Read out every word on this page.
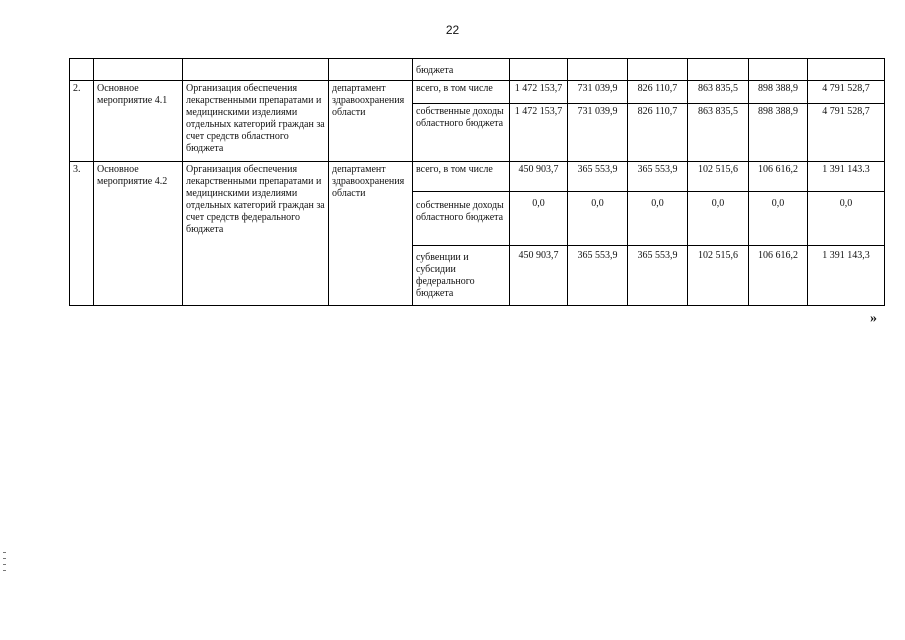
22
				бюджета						
2.	Основное мероприятие 4.1	Организация обеспечения лекарственными препаратами и медицинскими изделиями отдельных категорий граждан за счет средств областного бюджета	департамент здравоохранения области	всего, в том числе	1 472 153,7	731 039,9	826 110,7	863 835,5	898 388,9	4 791 528,7
				собственные доходы областного бюджета	1 472 153,7	731 039,9	826 110,7	863 835,5	898 388,9	4 791 528,7
3.	Основное мероприятие 4.2	Организация обеспечения лекарственными препаратами и медицинскими изделиями отдельных категорий граждан за счет средств федерального бюджета	департамент здравоохранения области	всего, в том числе	450 903,7	365 553,9	365 553,9	102 515,6	106 616,2	1 391 143.3
				собственные доходы областного бюджета	0,0	0,0	0,0	0,0	0,0	0,0
				субвенции и субсидии федерального бюджета	450 903,7	365 553,9	365 553,9	102 515,6	106 616,2	1 391 143,3
»
